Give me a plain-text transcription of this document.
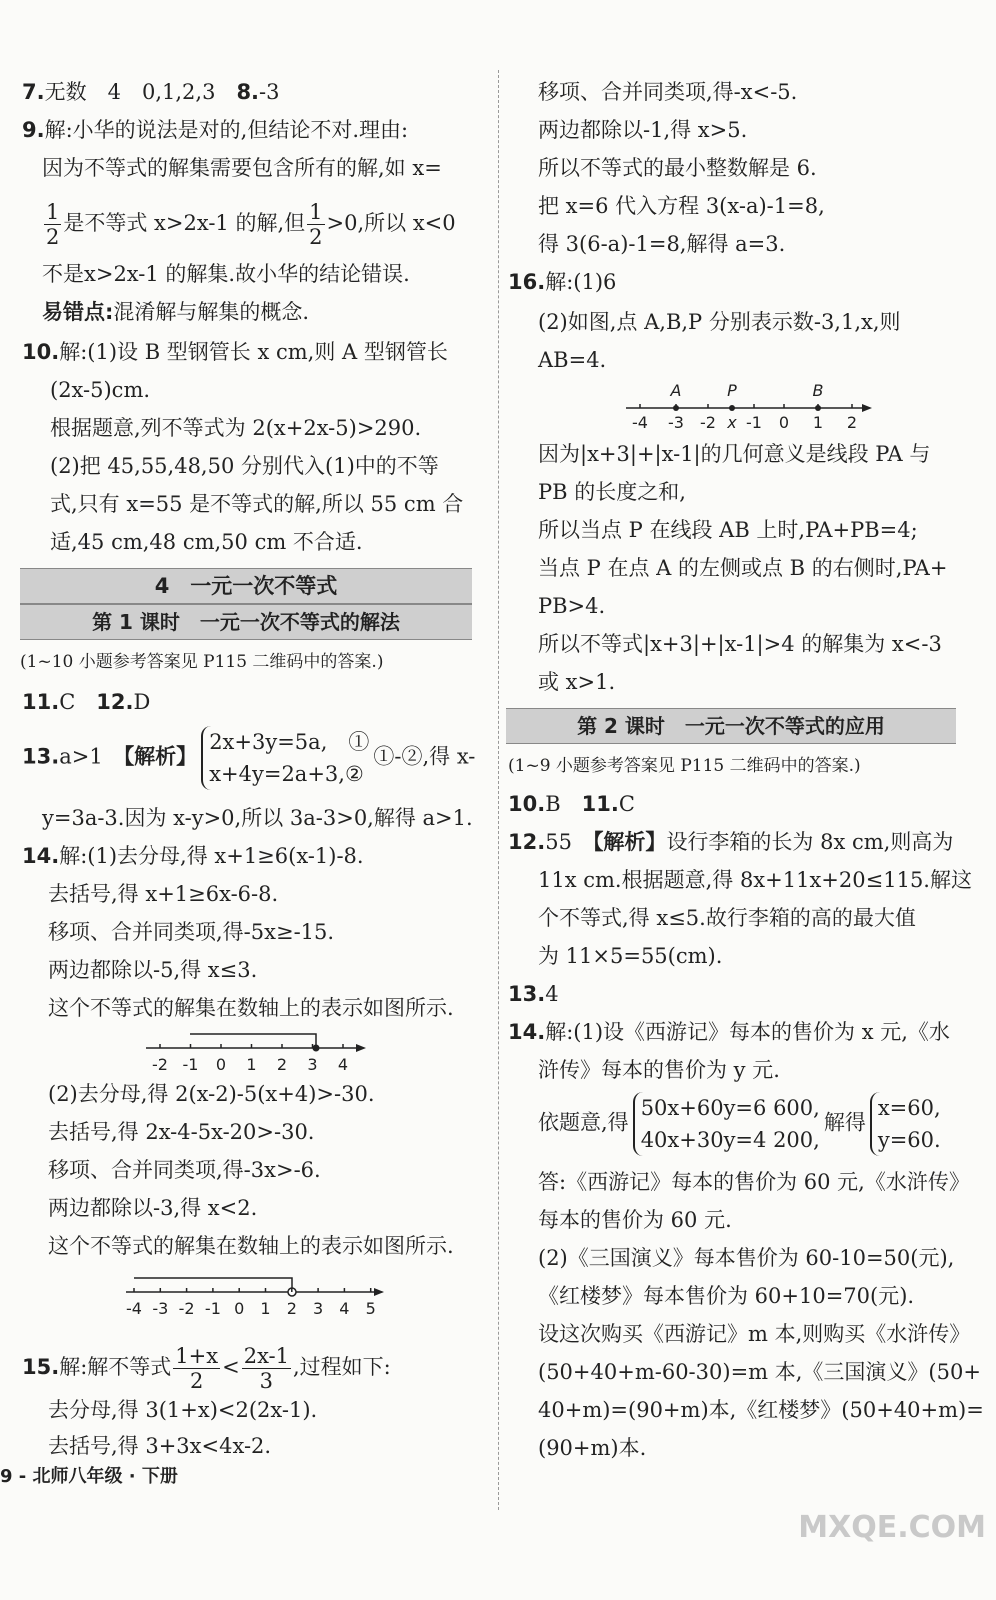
7.无数　4　0,1,2,3　8.-3
9.解:小华的说法是对的,但结论不对.理由:
因为不等式的解集需要包含所有的解,如 x=
$\frac{1}{2}$ 是不等式 x>2x-1 的解,但 $\frac{1}{2} >0$,所以 x<0
不是x>2x-1 的解集.故小华的结论错误.
易错点:混淆解与解集的概念.
10.解:(1)设 B 型钢管长 x cm,则 A 型钢管长
(2x-5)cm.
根据题意,列不等式为 2(x+2x-5)>290.
(2)把 45,55,48,50 分别代入(1)中的不等
式,只有 x=55 是不等式的解,所以 55 cm 合
适,45 cm,48 cm,50 cm 不合适.
4　一元一次不等式
第 1 课时　一元一次不等式的解法
(1~10 小题参考答案见 P115 二维码中的答案.)
11.C　 12.D
13.a>1　 【解析】
2x+3y=5a,　①
x+4y=2a+3,②
①-②,得 x-
y=3a-3.因为 x-y>0,所以 3a-3>0,解得 a>1.
14.解:(1)去分母,得 x+1≥6(x-1)-8.
去括号,得 x+1≥6x-6-8.
移项、合并同类项,得-5x≥-15.
两边都除以-5,得 x≤3.
这个不等式的解集在数轴上的表示如图所示.
-2 -1 0 1 2 3 4
(2)去分母,得 2(x-2)-5(x+4)>-30.
去括号,得 2x-4-5x-20>-30.
移项、合并同类项,得-3x>-6.
两边都除以-3,得 x<2.
这个不等式的解集在数轴上的表示如图所示.
-4 -3 -2 -1 0 1 2 3 4 5
15.解:解不等式 $\frac{1+x}{2} < \frac{2x-1}{3}$ ,过程如下:
去分母,得 3(1+x)<2(2x-1).
去括号,得 3+3x<4x-2.
9 - 北师八年级 · 下册
移项、合并同类项,得-x<-5.
两边都除以-1,得 x>5.
所以不等式的最小整数解是 6.
把 x=6 代入方程 3(x-a)-1=8,
得 3(6-a)-1=8,解得 a=3.
16.解:(1)6
(2)如图,点 A,B,P 分别表示数-3,1,x,则
AB=4.
-4 -3 -2 x -1 0 1 2
A	P	B
因为|x+3|+|x-1|的几何意义是线段 PA 与
PB 的长度之和,
所以当点 P 在线段 AB 上时,PA+PB=4;
当点 P 在点 A 的左侧或点 B 的右侧时,PA+
PB>4.
所以不等式|x+3|+|x-1|>4 的解集为 x<-3
或 x>1.
第 2 课时　一元一次不等式的应用
(1~9 小题参考答案见 P115 二维码中的答案.)
10.B　 11.C
12.55　 【解析】设行李箱的长为 8x cm,则高为
11x cm.根据题意,得 8x+11x+20≤115.解这
个不等式,得 x≤5.故行李箱的高的最大值
为 11×5=55(cm).
13.4
14.解:(1)设《西游记》每本的售价为 x 元,《水
浒传》每本的售价为 y 元.
依题意,得
50x+60y=6 600,
40x+30y=4 200,
解得
x=60,
y=60.
答:《西游记》每本的售价为 60 元,《水浒传》
每本的售价为 60 元.
(2)《三国演义》每本售价为 60-10=50(元),
《红楼梦》每本售价为 60+10=70(元).
设这次购买《西游记》m 本,则购买《水浒传》
(50+40+m-60-30)=m 本,《三国演义》(50+
40+m)=(90+m)本,《红楼梦》(50+40+m)=
(90+m)本.
MXQE.COM
